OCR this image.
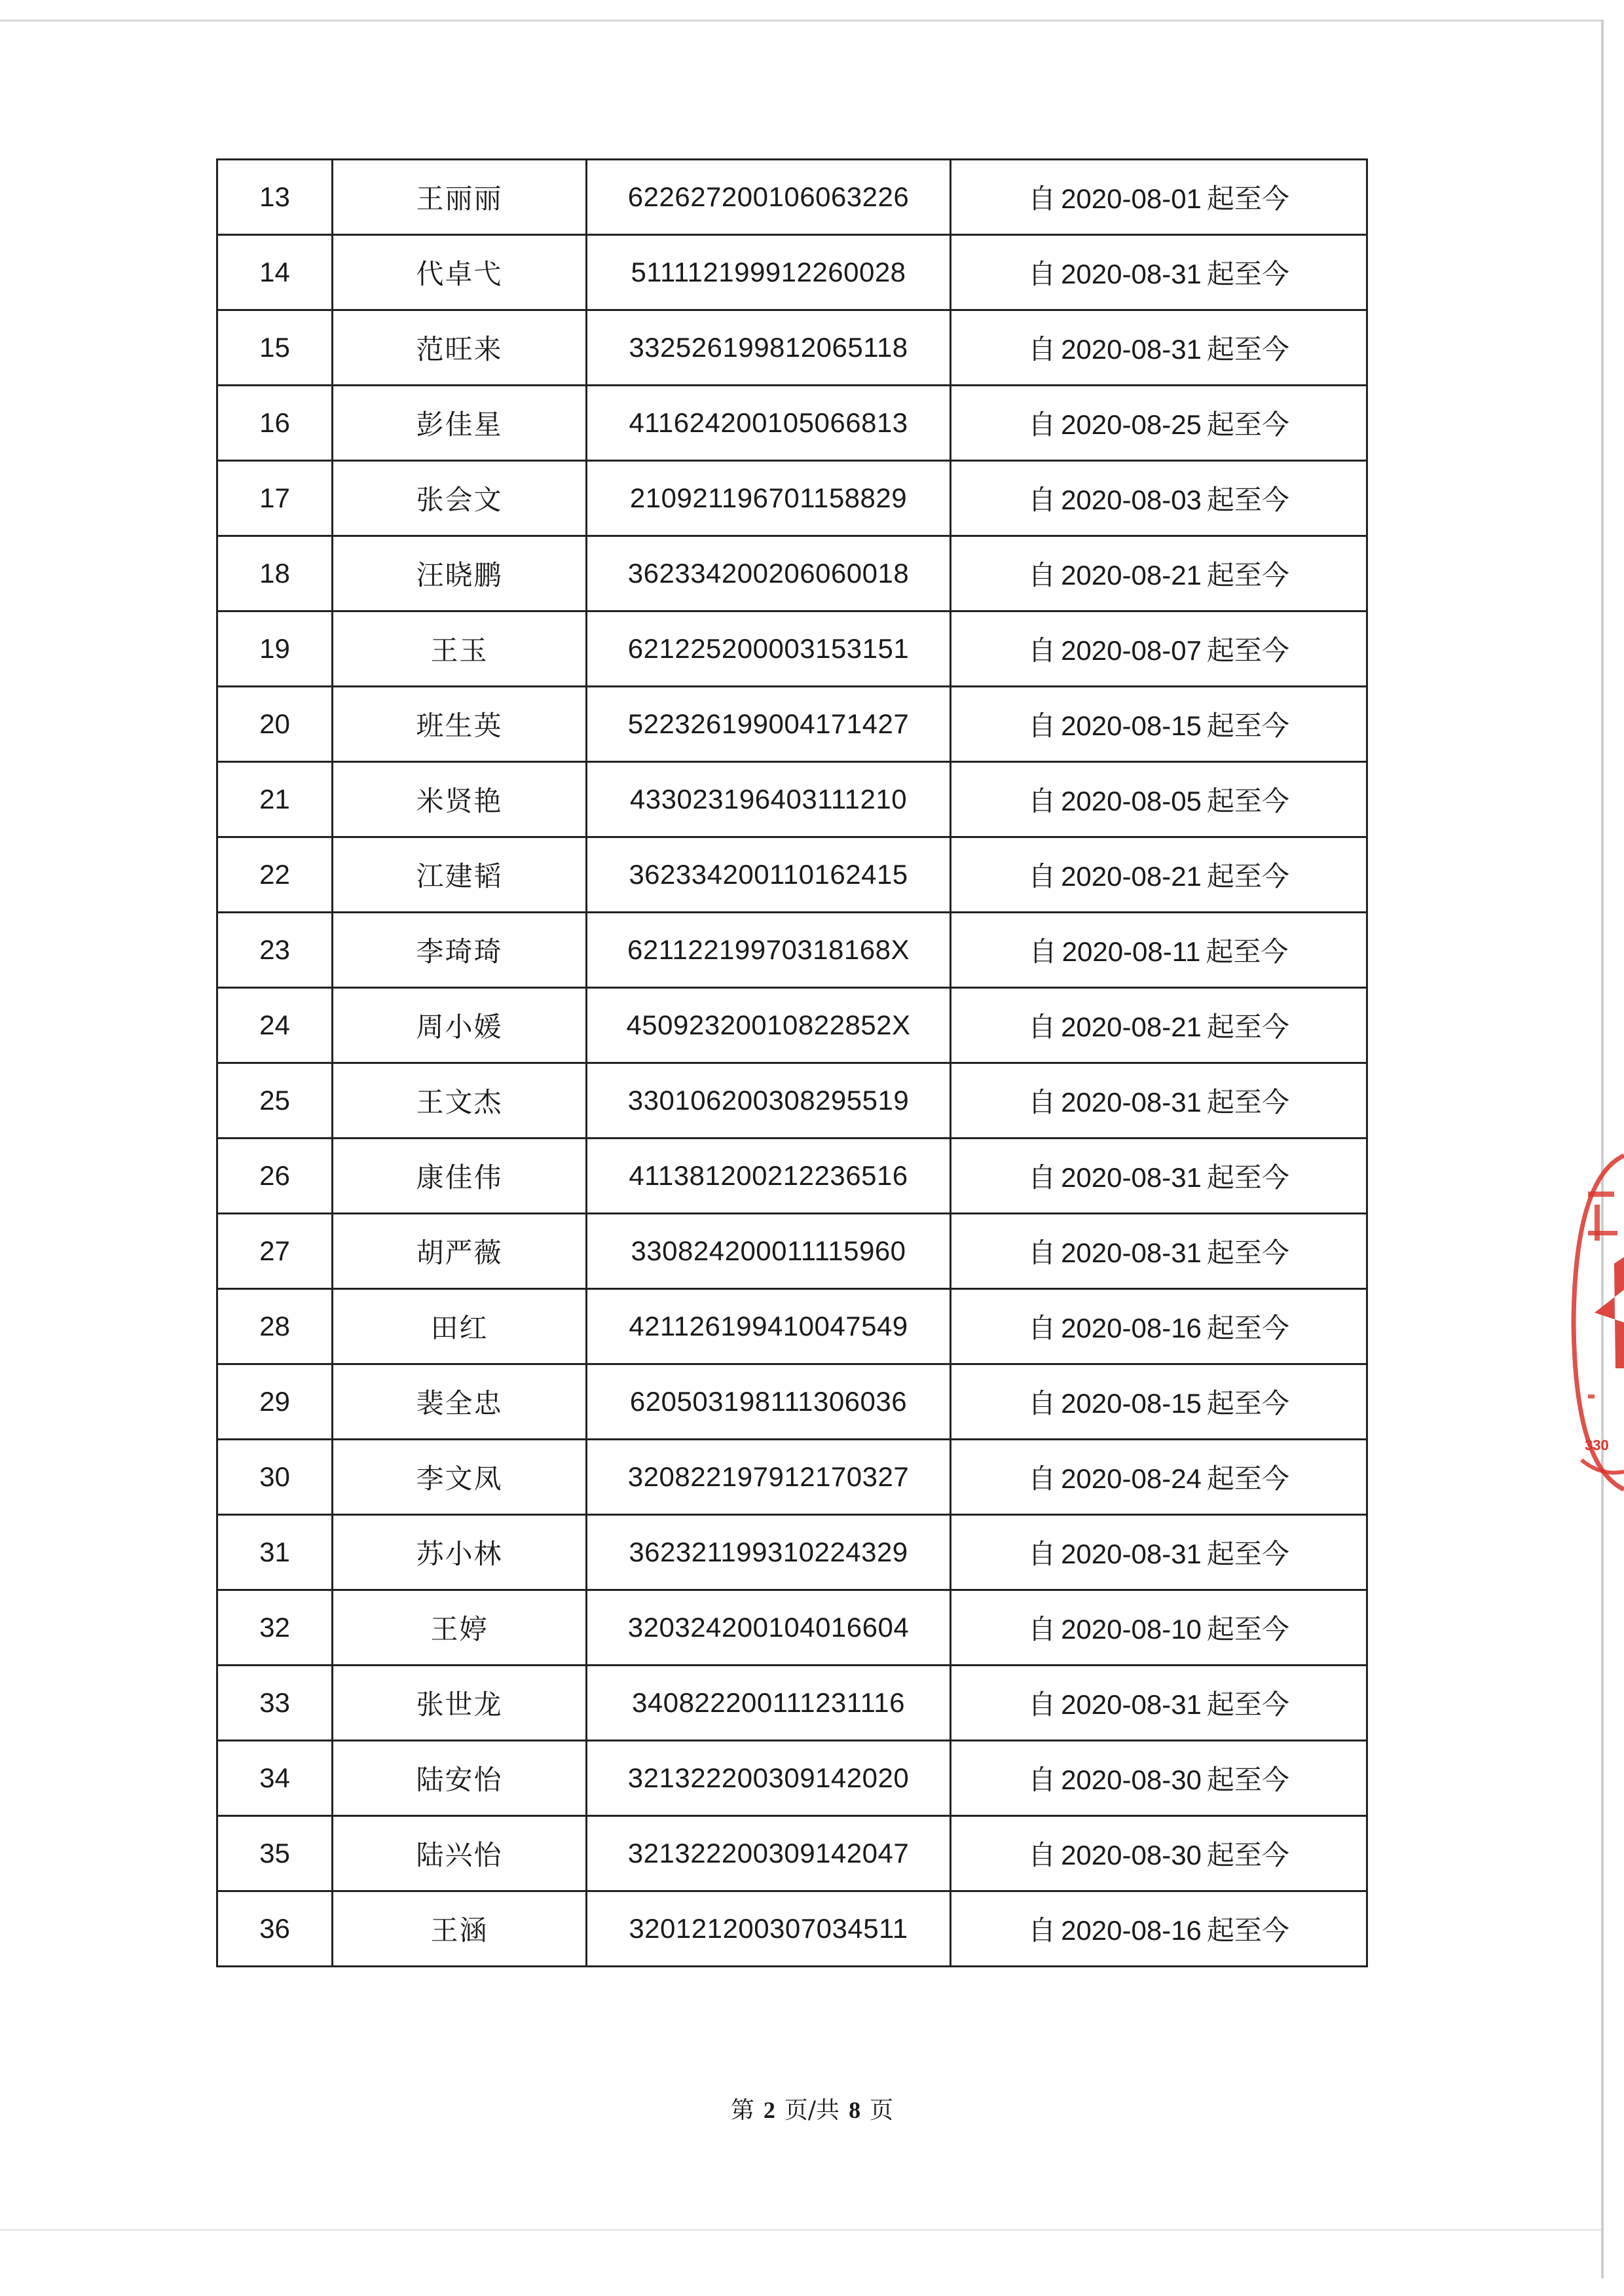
13	王丽丽	622627200106063226	自 2020-08-01 起至今
14	代卓弋	511112199912260028	自 2020-08-31 起至今
15	范旺来	332526199812065118	自 2020-08-31 起至今
16	彭佳星	411624200105066813	自 2020-08-25 起至今
17	张会文	210921196701158829	自 2020-08-03 起至今
18	汪晓鹏	362334200206060018	自 2020-08-21 起至今
19	王玉	621225200003153151	自 2020-08-07 起至今
20	班生英	522326199004171427	自 2020-08-15 起至今
21	米贤艳	433023196403111210	自 2020-08-05 起至今
22	江建韬	362334200110162415	自 2020-08-21 起至今
23	李琦琦	62112219970318168X	自 2020-08-11 起至今
24	周小媛	45092320010822852X	自 2020-08-21 起至今
25	王文杰	330106200308295519	自 2020-08-31 起至今
26	康佳伟	411381200212236516	自 2020-08-31 起至今
27	胡严薇	330824200011115960	自 2020-08-31 起至今
28	田红	421126199410047549	自 2020-08-16 起至今
29	裴全忠	620503198111306036	自 2020-08-15 起至今
30	李文凤	320822197912170327	自 2020-08-24 起至今
31	苏小林	362321199310224329	自 2020-08-31 起至今
32	王婷	320324200104016604	自 2020-08-10 起至今
33	张世龙	340822200111231116	自 2020-08-31 起至今
34	陆安怡	321322200309142020	自 2020-08-30 起至今
35	陆兴怡	321322200309142047	自 2020-08-30 起至今
36	王涵	320121200307034511	自 2020-08-16 起至今
第 2 页/共 8 页
330
